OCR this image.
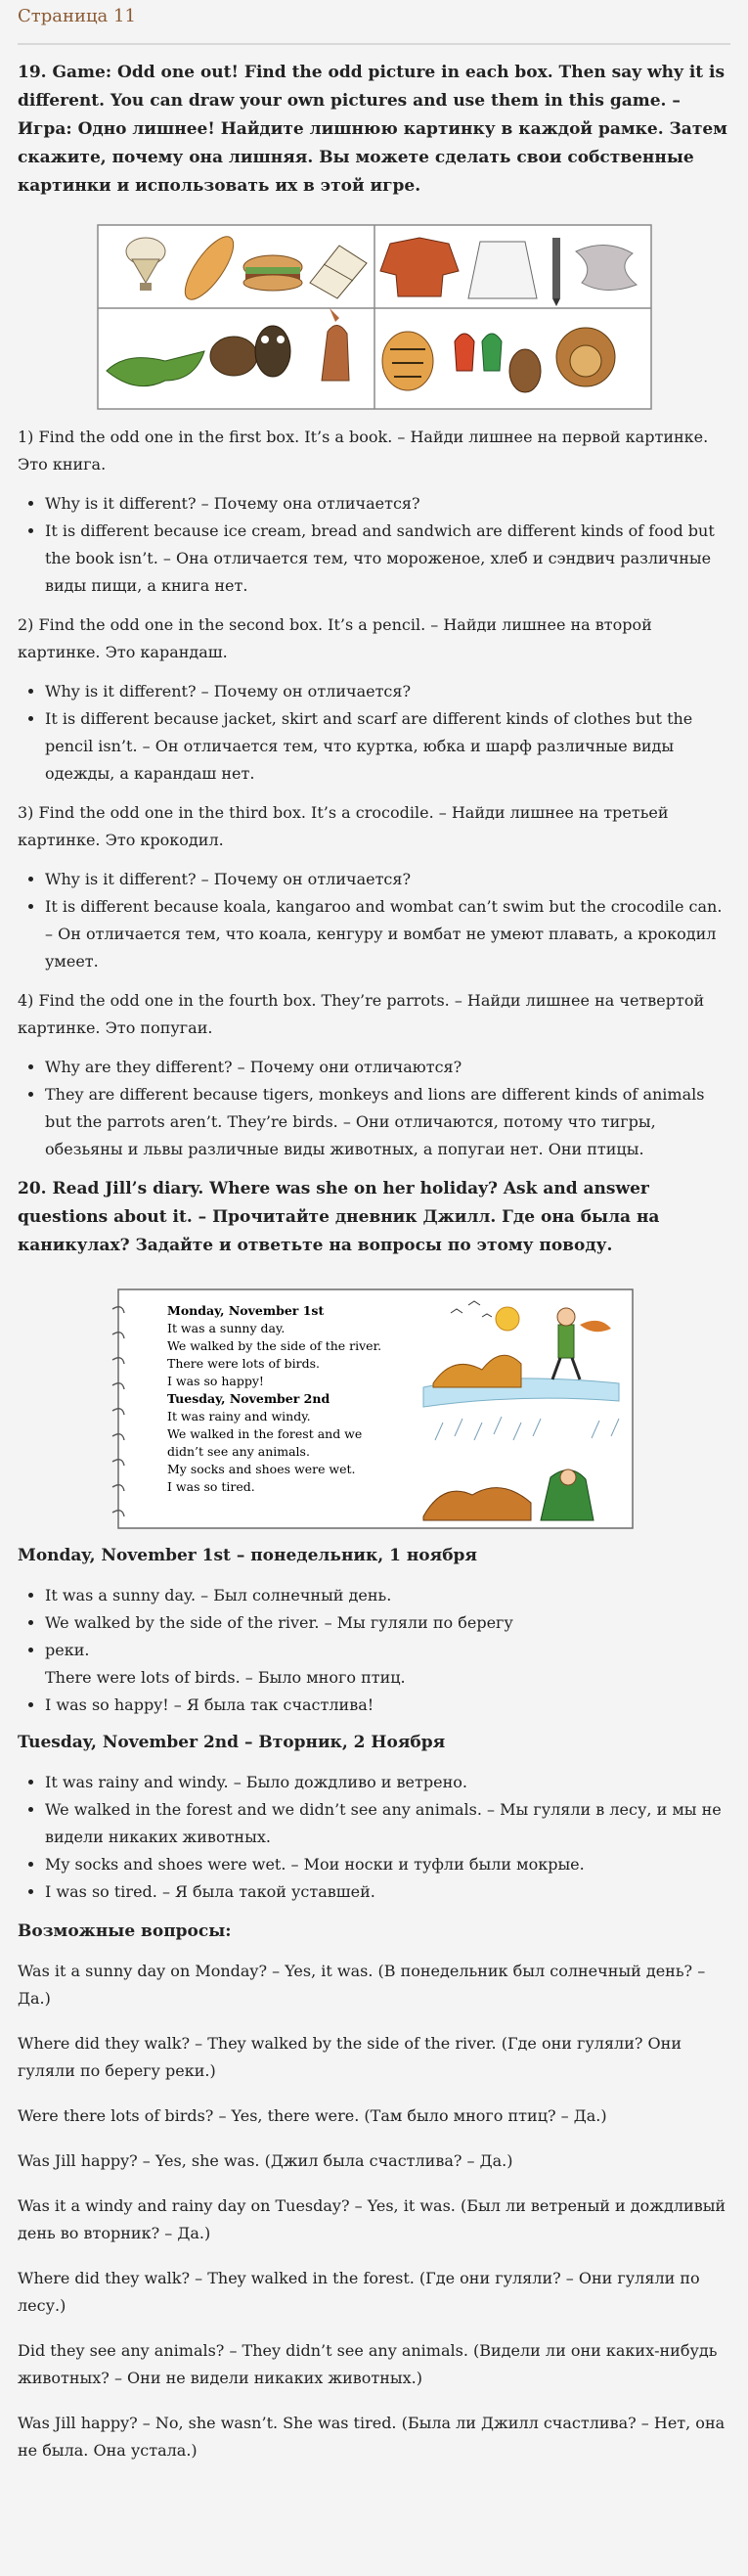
Страница 11
19. Game: Odd one out! Find the odd picture in each box. Then say why it is different. You can draw your own pictures and use them in this game. – Игра: Одно лишнее! Найдите лишнюю картинку в каждой рамке. Затем скажите, почему она лишняя. Вы можете сделать свои собственные картинки и использовать их в этой игре.

1) Find the odd one in the first box. It’s a book. – Найди лишнее на первой картинке. Это книга.

• Why is it different? – Почему она отличается?
• It is different because ice cream, bread and sandwich are different kinds of food but the book isn’t. – Она отличается тем, что мороженое, хлеб и сэндвич различные виды пищи, а книга нет.

2) Find the odd one in the second box. It’s a pencil. – Найди лишнее на второй картинке. Это карандаш.

• Why is it different? – Почему он отличается?
• It is different because jacket, skirt and scarf are different kinds of clothes but the pencil isn’t. – Он отличается тем, что куртка, юбка и шарф различные виды одежды, а карандаш нет.

3) Find the odd one in the third box. It’s a crocodile. – Найди лишнее на третьей картинке. Это крокодил.

• Why is it different? – Почему он отличается?
• It is different because koala, kangaroo and wombat can’t swim but the crocodile can. – Он отличается тем, что коала, кенгуру и вомбат не умеют плавать, а крокодил умеет.

4) Find the odd one in the fourth box. They’re parrots. – Найди лишнее на четвертой картинке. Это попугаи.

• Why are they different? – Почему они отличаются?
• They are different because tigers, monkeys and lions are different kinds of animals but the parrots aren’t. They’re birds. – Они отличаются, потому что тигры, обезьяны и львы различные виды животных, а попугаи нет. Они птицы.
20. Read Jill’s diary. Where was she on her holiday? Ask and answer questions about it. – Прочитайте дневник Джилл. Где она была на каникулах? Задайте и ответьте на вопросы по этому поводу.
Monday, November 1st
It was a sunny day.
We walked by the side of the river.
There were lots of birds.
I was so happy!
Tuesday, November 2nd
It was rainy and windy.
We walked in the forest and we
didn’t see any animals.
My socks and shoes were wet.
I was so tired.
Monday, November 1st – понедельник, 1 ноября
• It was a sunny day. – Был солнечный день.
• We walked by the side of the river. – Мы гуляли по берегу
• реки.

There were lots of birds. – Было много птиц.

• I was so happy! – Я была так счастлива!
Tuesday, November 2nd – Вторник, 2 Ноября
• It was rainy and windy. – Было дождливо и ветрено.
• We walked in the forest and we didn’t see any animals. – Мы гуляли в лесу, и мы не видели никаких животных.
• My socks and shoes were wet. – Мои носки и туфли были мокрые.
• I was so tired. – Я была такой уставшей.
Возможные вопросы:

Was it a sunny day on Monday? – Yes, it was. (В понедельник был солнечный день? – Да.)

Where did they walk? – They walked by the side of the river. (Где они гуляли? Они гуляли по берегу реки.)

Were there lots of birds? – Yes, there were. (Там было много птиц? – Да.)

Was Jill happy? – Yes, she was. (Джил была счастлива? – Да.)

Was it a windy and rainy day on Tuesday? – Yes, it was. (Был ли ветреный и дождливый день во вторник? – Да.)

Where did they walk? – They walked in the forest. (Где они гуляли? – Они гуляли по лесу.)

Did they see any animals? – They didn’t see any animals. (Видели ли они каких-нибудь животных? – Они не видели никаких животных.)

Was Jill happy? – No, she wasn’t. She was tired. (Была ли Джилл счастлива? – Нет, она не была. Она устала.)
